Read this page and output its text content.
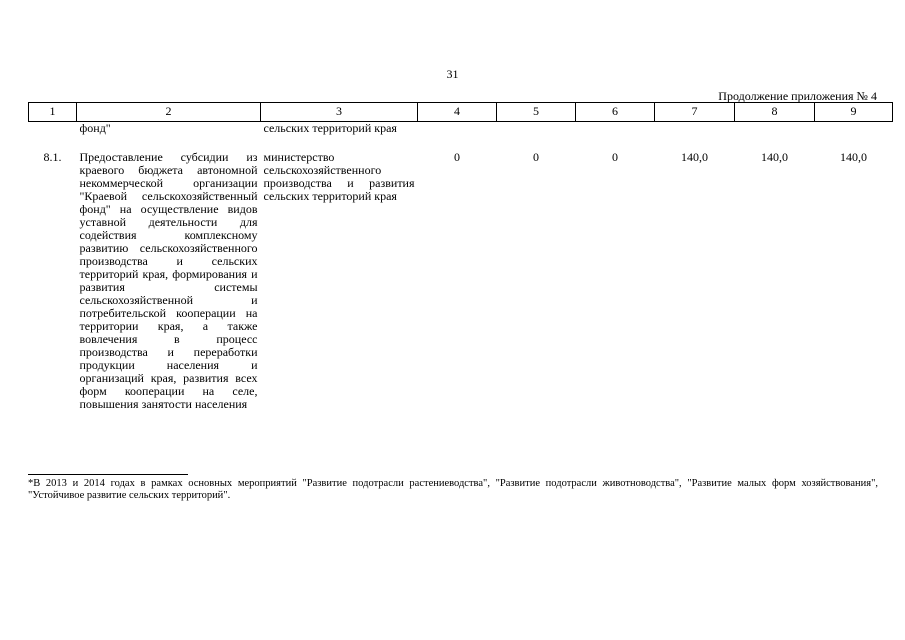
31
Продолжение приложения № 4
1	2	3	4	5	6	7	8	9
	фонд"	сельских территорий края						
8.1.	Предоставление субсидии из краевого бюджета автономной некоммерческой организации "Краевой сельскохозяйственный фонд" на осуществление видов уставной деятельности для содействия комплексному развитию сельскохозяйственного производства и сельских территорий края, формирования и развития системы сельскохозяйственной и потребительской кооперации на территории края, а также вовлечения в процесс производства и переработки продукции населения и организаций края, развития всех форм кооперации на селе, повышения занятости населения	министерство сельскохозяйственного производства и развития сельских территорий края	0	0	0	140,0	140,0	140,0
*В 2013 и 2014 годах в рамках основных мероприятий "Развитие подотрасли растениеводства", "Развитие подотрасли животноводства", "Развитие малых форм хозяйствования", "Устойчивое развитие сельских территорий".
